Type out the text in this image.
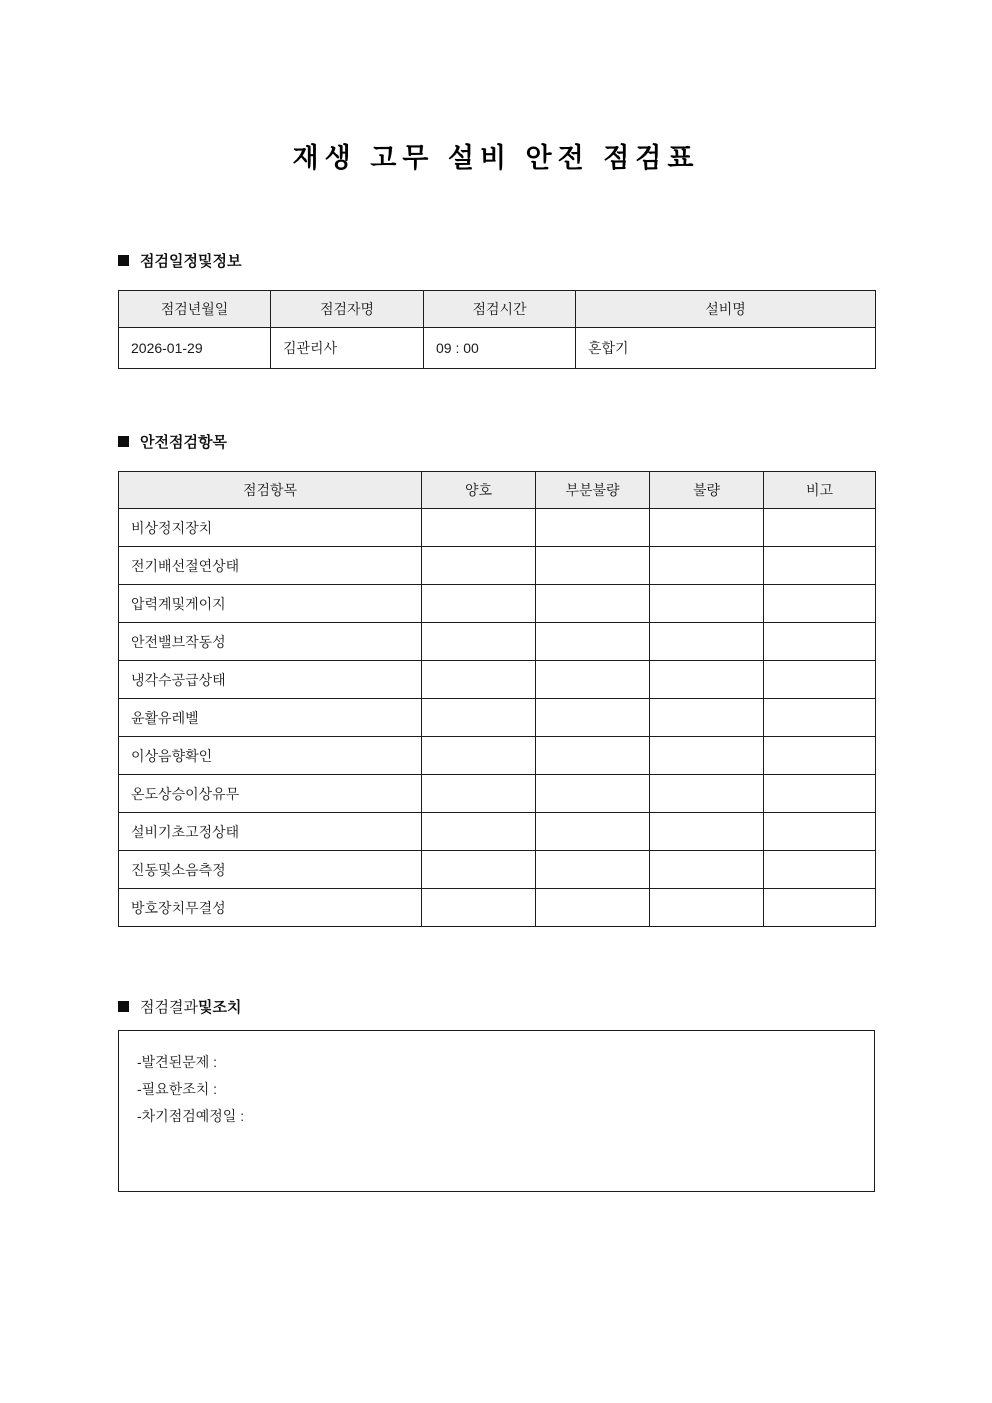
재생 고무 설비 안전 점검표
점검일정및정보
점검년월일	점검자명	점검시간	설비명
2026-01-29	김관리사	09 : 00	혼합기
안전점검항목
점검항목	양호	부분불량	불량	비고
비상정지장치				
전기배선절연상태				
압력계및게이지				
안전밸브작동성				
냉각수공급상태				
윤활유레벨				
이상음향확인				
온도상승이상유무				
설비기초고정상태				
진동및소음측정				
방호장치무결성				
점검결과 및조치
-발견된문제 :
-필요한조치 :
-차기점검예정일 :
